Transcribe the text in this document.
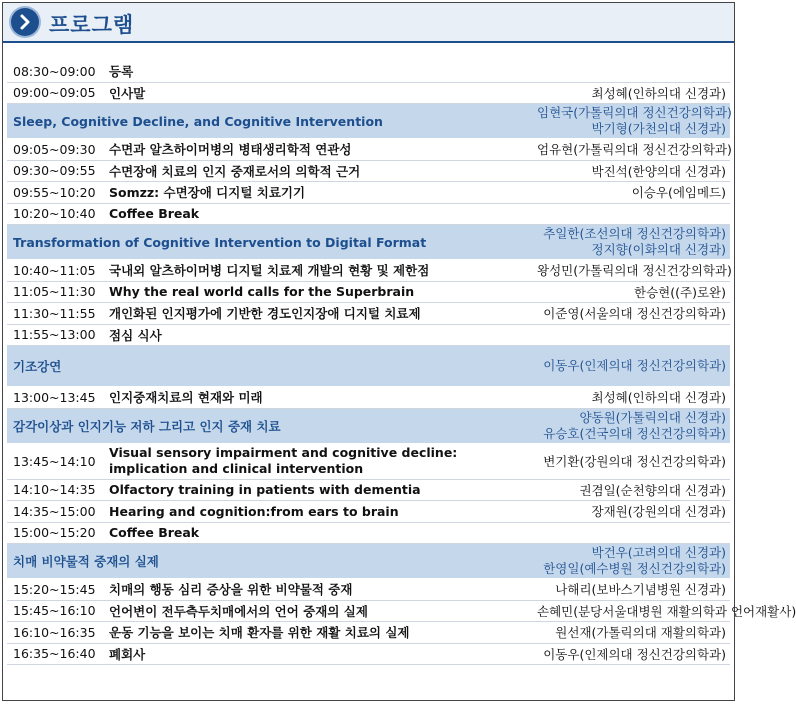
프로그램
08:30~09:00	등록	
09:00~09:05	인사말	최성혜(인하의대 신경과)
Sleep, Cognitive Decline, and Cognitive Intervention		임현국(가톨릭의대 정신건강의학과)
박기형(가천의대 신경과)

09:05~09:30	수면과 알츠하이머병의 병태생리학적 연관성	엄유현(가톨릭의대 정신건강의학과)
09:30~09:55	수면장애 치료의 인지 중재로서의 의학적 근거	박진석(한양의대 신경과)
09:55~10:20	Somzz: 수면장애 디지털 치료기기	이승우(에임메드)
10:20~10:40	Coffee Break	
Transformation of Cognitive Intervention to Digital Format		추일한(조선의대 정신건강의학과)
정지향(이화의대 신경과)

10:40~11:05	국내외 알츠하이머병 디지털 치료제 개발의 현황 및 제한점	왕성민(가톨릭의대 정신건강의학과)
11:05~11:30	Why the real world calls for the Superbrain	한승현((주)로완)
11:30~11:55	개인화된 인지평가에 기반한 경도인지장애 디지털 치료제	이준영(서울의대 정신건강의학과)
11:55~13:00	점심 식사	
기조강연		이동우(인제의대 정신건강의학과)

13:00~13:45	인지중재치료의 현재와 미래	최성혜(인하의대 신경과)
감각이상과 인지기능 저하 그리고 인지 중재 치료		양동원(가톨릭의대 신경과)
유승호(건국의대 정신건강의학과)

13:45~14:10	Visual sensory impairment and cognitive decline: implication and clinical intervention	변기환(강원의대 정신건강의학과)
14:10~14:35	Olfactory training in patients with dementia	권겸일(순천향의대 신경과)
14:35~15:00	Hearing and cognition:from ears to brain	장재원(강원의대 신경과)
15:00~15:20	Coffee Break	
치매 비약물적 중재의 실제		박건우(고려의대 신경과)
한영일(예수병원 정신건강의학과)

15:20~15:45	치매의 행동 심리 증상을 위한 비약물적 중재	나해리(보바스기념병원 신경과)
15:45~16:10	언어변이 전두측두치매에서의 언어 중재의 실제	손혜민(분당서울대병원 재활의학과 언어재활사)
16:10~16:35	운동 기능을 보이는 치매 환자를 위한 재활 치료의 실제	원선재(가톨릭의대 재활의학과)
16:35~16:40	폐회사	이동우(인제의대 정신건강의학과)
